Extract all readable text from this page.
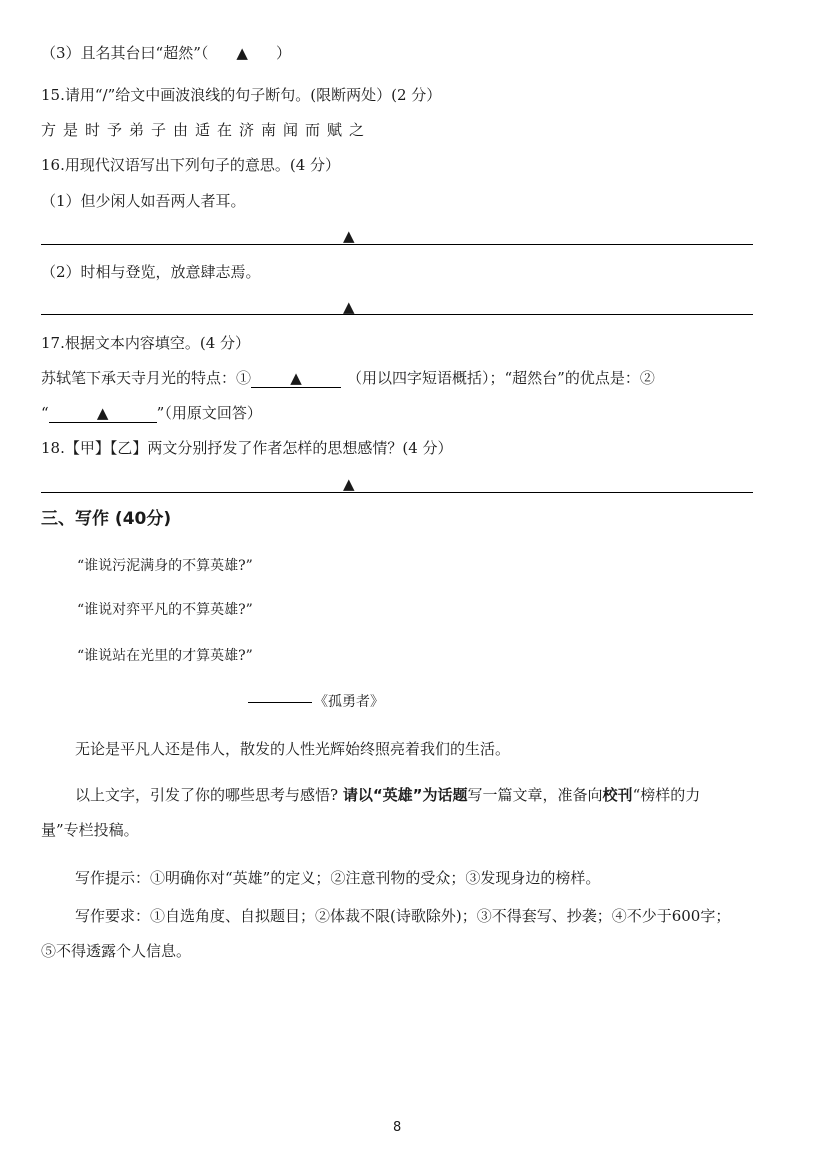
（3）且名其台曰“超然”（ ▲ ）
15.请用“/”给文中画波浪线的句子断句。(限断两处）(2 分）
方是时予弟子由适在济南闻而赋之
16.用现代汉语写出下列句子的意思。(4 分）
（1）但少闲人如吾两人者耳。
▲
（2）时相与登览，放意肆志焉。
▲
17.根据文本内容填空。(4 分）
苏轼笔下承天寺月光的特点：①	▲	（用以四字短语概括）；“超然台”的优点是：②
“	▲	”（用原文回答）
18.【甲】【乙】两文分别抒发了作者怎样的思想感情？(4 分）
▲
三、写作 (40分)
“谁说污泥满身的不算英雄?”
“谁说对弈平凡的不算英雄?”
“谁说站在光里的才算英雄?”
《孤勇者》
无论是平凡人还是伟人，散发的人性光辉始终照亮着我们的生活。
以上文字，引发了你的哪些思考与感悟? 请以“英雄”为话题写一篇文章，准备向校刊“榜样的力
量”专栏投稿。
写作提示：①明确你对“英雄”的定义；②注意刊物的受众；③发现身边的榜样。
写作要求：①自选角度、自拟题目；②体裁不限(诗歌除外)；③不得套写、抄袭；④不少于600字；
⑤不得透露个人信息。
8
